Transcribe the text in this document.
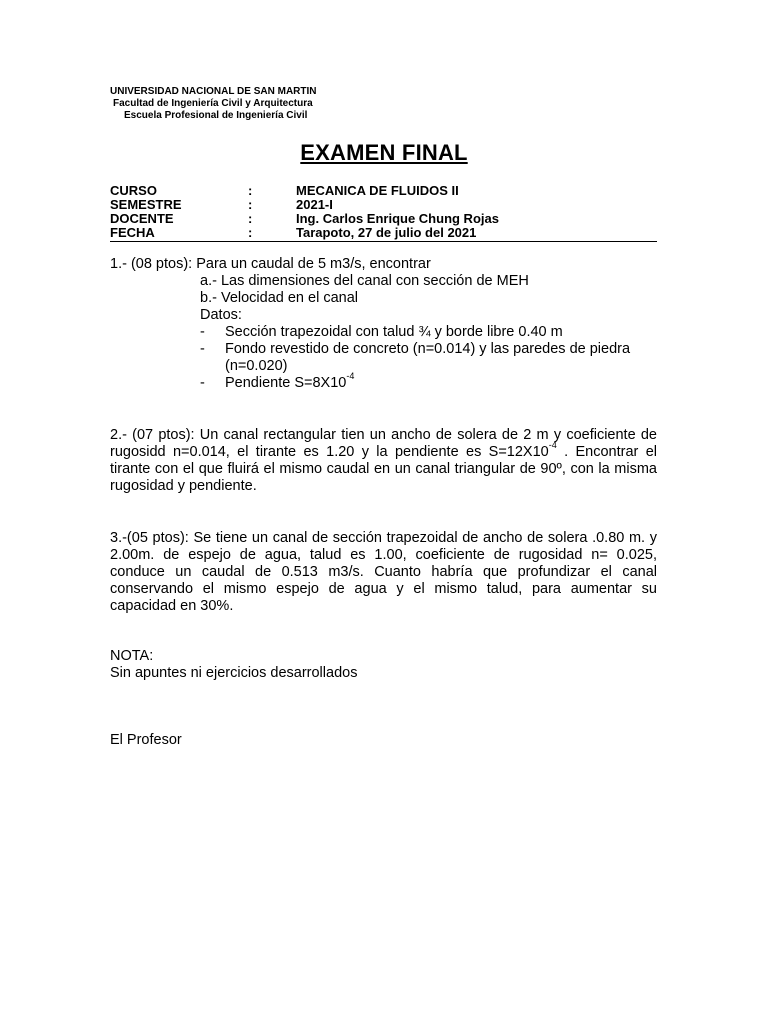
UNIVERSIDAD NACIONAL DE SAN MARTIN
Facultad de Ingeniería Civil y Arquitectura
Escuela Profesional de Ingeniería Civil
EXAMEN FINAL
CURSO	:	MECANICA DE FLUIDOS II
SEMESTRE	:	2021-I
DOCENTE	:	Ing. Carlos Enrique Chung Rojas
FECHA	:	Tarapoto, 27 de julio del 2021
1.- (08 ptos): Para un caudal de 5 m3/s, encontrar
a.- Las dimensiones del canal con sección de MEH
b.- Velocidad en el canal
Datos:
- Sección trapezoidal con talud ¾ y borde libre 0.40 m
- Fondo revestido de concreto (n=0.014) y las paredes de piedra
(n=0.020)
- Pendiente $S=8X10^{-4}$
2.- (07 ptos): Un canal rectangular tien un ancho de solera de 2 m y coeficiente de rugosidd n=0.014, el tirante es 1.20 y la pendiente es $S=12X10^{-4}$ . Encontrar el tirante con el que fluirá el mismo caudal en un canal triangular de 90º, con la misma rugosidad y pendiente.
3.-(05 ptos): Se tiene un canal de sección trapezoidal de ancho de solera .0.80 m. y 2.00m. de espejo de agua, talud es 1.00, coeficiente de rugosidad n= 0.025, conduce un caudal de 0.513 m3/s. Cuanto habría que profundizar el canal conservando el mismo espejo de agua y el mismo talud, para aumentar su capacidad en 30%.
NOTA:
Sin apuntes ni ejercicios desarrollados
El Profesor
